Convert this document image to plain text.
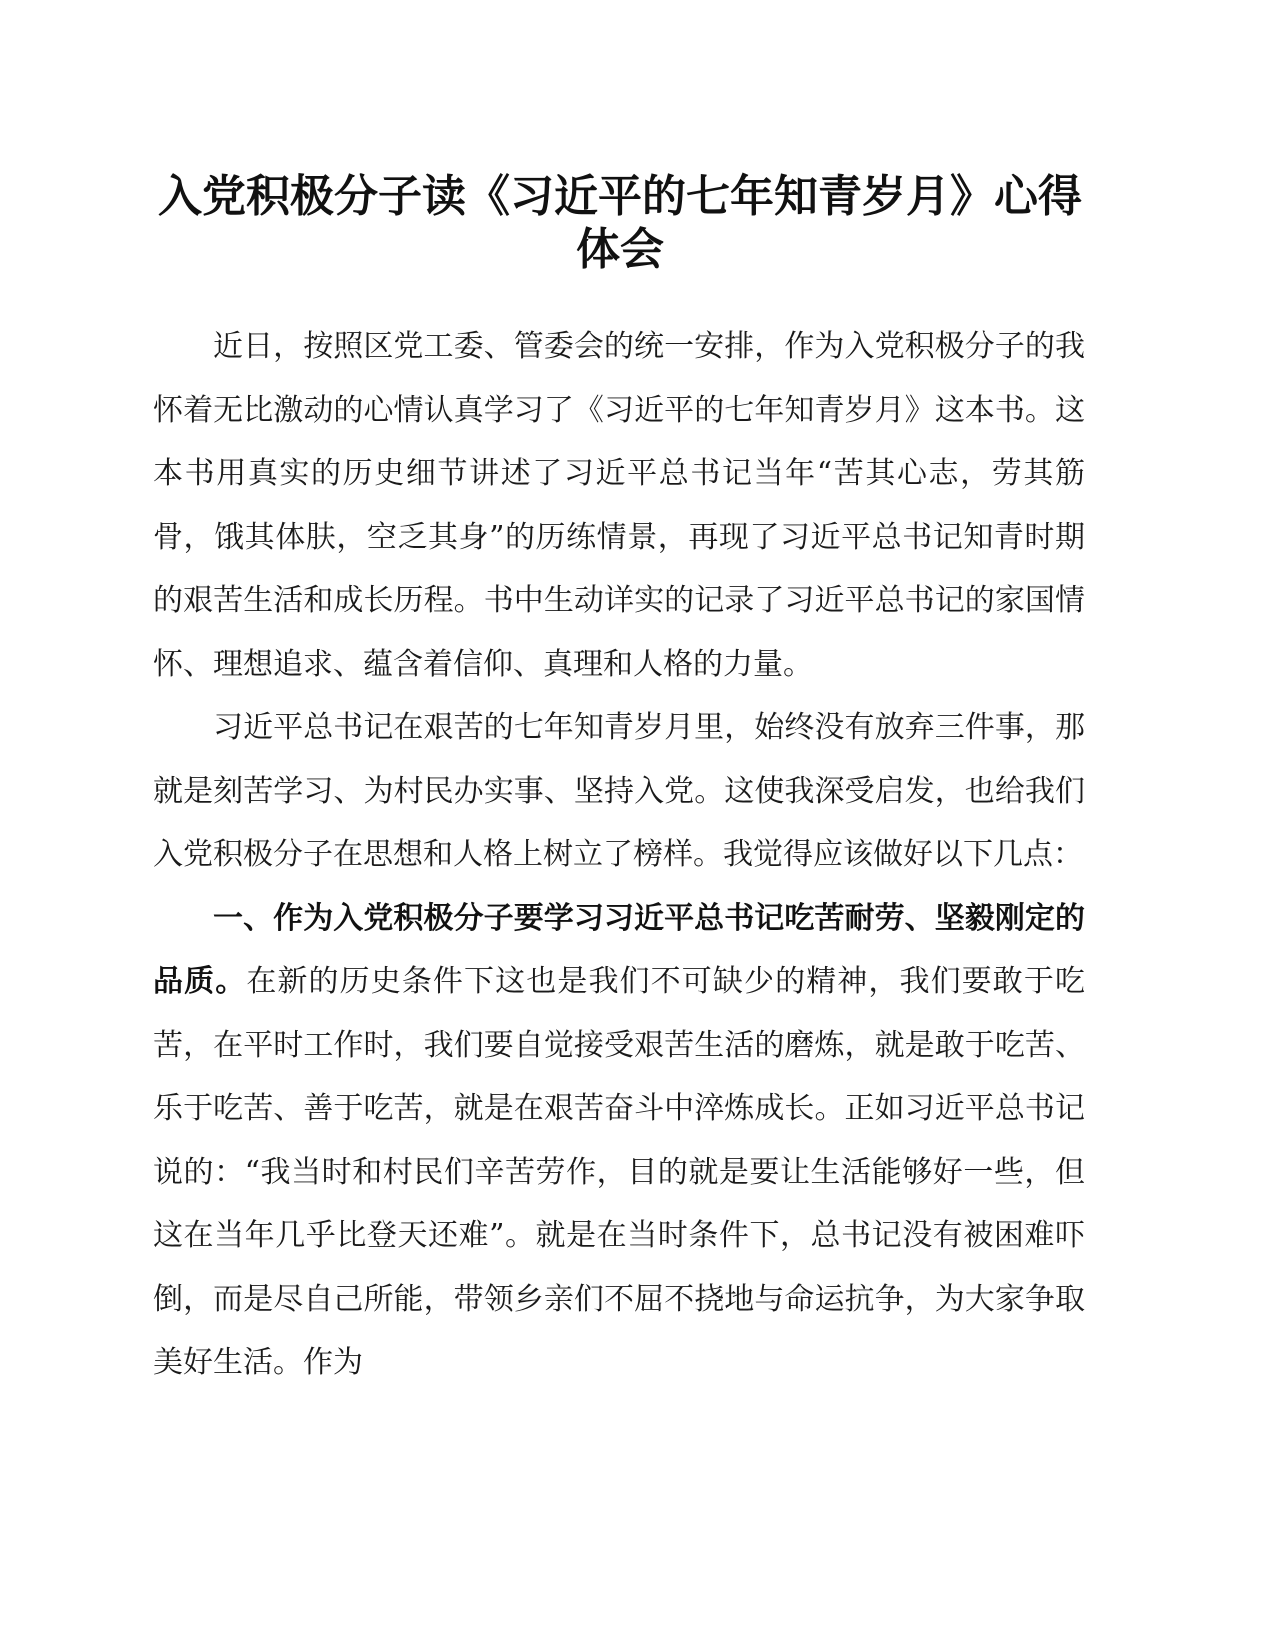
入党积极分子读《习近平的七年知青岁月》心得体会

近日，按照区党工委、管委会的统一安排，作为入党积极分子的我怀着无比激动的心情认真学习了《习近平的七年知青岁月》这本书。这本书用真实的历史细节讲述了习近平总书记当年“苦其心志，劳其筋骨，饿其体肤，空乏其身”的历练情景，再现了习近平总书记知青时期的艰苦生活和成长历程。书中生动详实的记录了习近平总书记的家国情怀、理想追求、蕴含着信仰、真理和人格的力量。

习近平总书记在艰苦的七年知青岁月里，始终没有放弃三件事，那就是刻苦学习、为村民办实事、坚持入党。这使我深受启发，也给我们入党积极分子在思想和人格上树立了榜样。我觉得应该做好以下几点：

一、作为入党积极分子要学习习近平总书记吃苦耐劳、坚毅刚定的品质。在新的历史条件下这也是我们不可缺少的精神，我们要敢于吃苦，在平时工作时，我们要自觉接受艰苦生活的磨炼，就是敢于吃苦、乐于吃苦、善于吃苦，就是在艰苦奋斗中淬炼成长。正如习近平总书记说的：“我当时和村民们辛苦劳作，目的就是要让生活能够好一些，但这在当年几乎比登天还难”。就是在当时条件下，总书记没有被困难吓倒，而是尽自己所能，带领乡亲们不屈不挠地与命运抗争，为大家争取美好生活。作为
